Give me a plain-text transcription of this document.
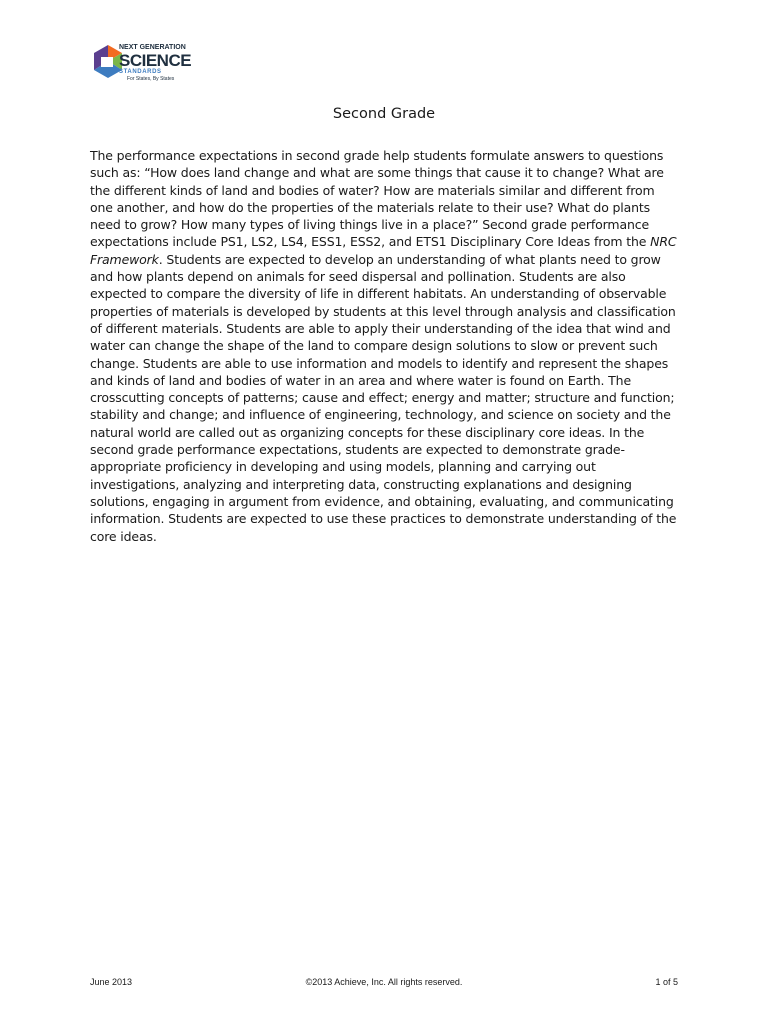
NEXT GENERATION
SCIENCE
STANDARDS
For States, By States
Second Grade

The performance expectations in second grade help students formulate answers to questions such as: “How does land change and what are some things that cause it to change? What are the different kinds of land and bodies of water? How are materials similar and different from one another, and how do the properties of the materials relate to their use? What do plants need to grow? How many types of living things live in a place?” Second grade performance expectations include PS1, LS2, LS4, ESS1, ESS2, and ETS1 Disciplinary Core Ideas from the NRC Framework. Students are expected to develop an understanding of what plants need to grow and how plants depend on animals for seed dispersal and pollination. Students are also expected to compare the diversity of life in different habitats. An understanding of observable properties of materials is developed by students at this level through analysis and classification of different materials. Students are able to apply their understanding of the idea that wind and water can change the shape of the land to compare design solutions to slow or prevent such change. Students are able to use information and models to identify and represent the shapes and kinds of land and bodies of water in an area and where water is found on Earth. The crosscutting concepts of patterns; cause and effect; energy and matter; structure and function; stability and change; and influence of engineering, technology, and science on society and the natural world are called out as organizing concepts for these disciplinary core ideas. In the second grade performance expectations, students are expected to demonstrate grade-appropriate proficiency in developing and using models, planning and carrying out investigations, analyzing and interpreting data, constructing explanations and designing solutions, engaging in argument from evidence, and obtaining, evaluating, and communicating information. Students are expected to use these practices to demonstrate understanding of the core ideas.

June 2013	©2013 Achieve, Inc. All rights reserved.	1 of 5
